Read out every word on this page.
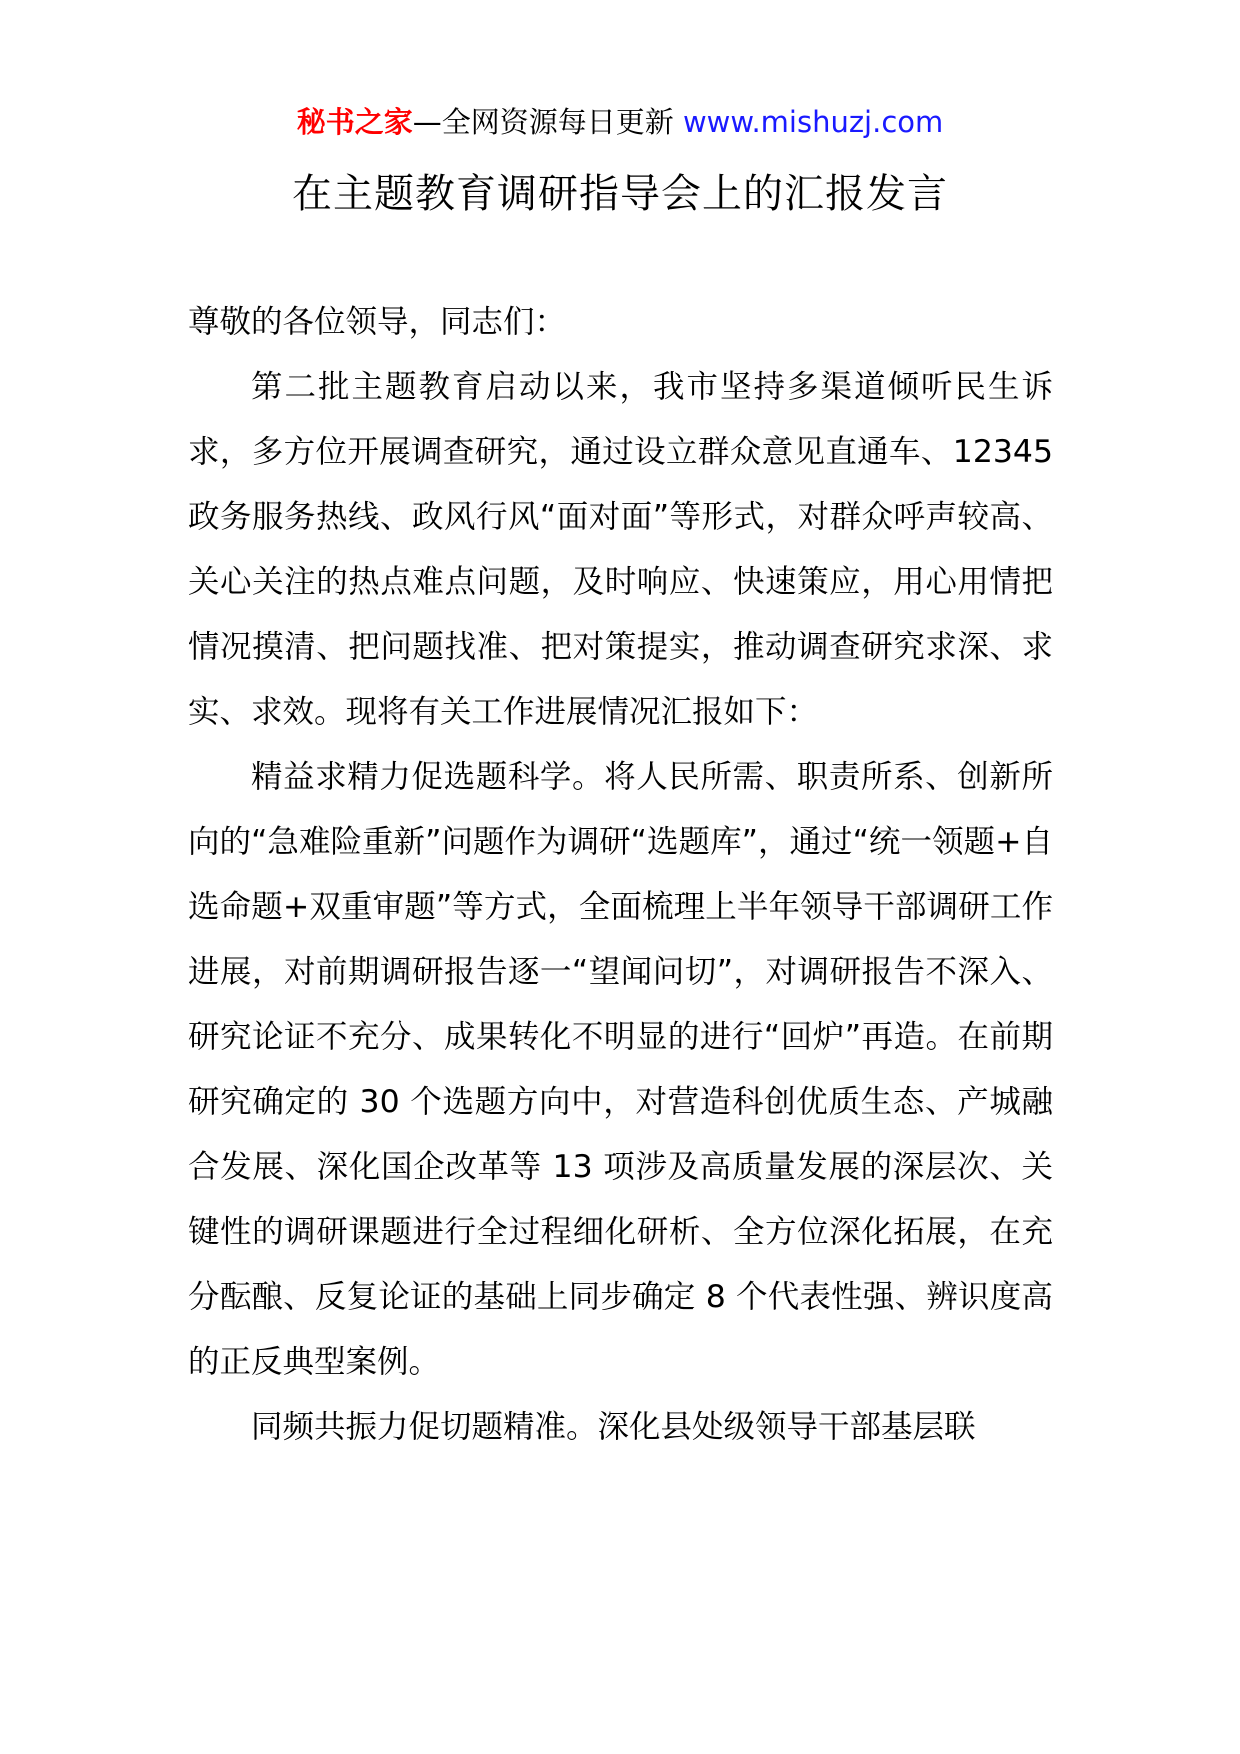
秘书之家—全网资源每日更新 www.mishuzj.com
在主题教育调研指导会上的汇报发言

尊敬的各位领导，同志们：

第二批主题教育启动以来，我市坚持多渠道倾听民生诉求，多方位开展调查研究，通过设立群众意见直通车、12345 政务服务热线、政风行风“面对面”等形式，对群众呼声较高、关心关注的热点难点问题，及时响应、快速策应，用心用情把情况摸清、把问题找准、把对策提实，推动调查研究求深、求实、求效。现将有关工作进展情况汇报如下：

精益求精力促选题科学。将人民所需、职责所系、创新所向的“急难险重新”问题作为调研“选题库”，通过“统一领题+自选命题+双重审题”等方式，全面梳理上半年领导干部调研工作进展，对前期调研报告逐一“望闻问切”，对调研报告不深入、研究论证不充分、成果转化不明显的进行“回炉”再造。在前期研究确定的 30 个选题方向中，对营造科创优质生态、产城融合发展、深化国企改革等 13 项涉及高质量发展的深层次、关键性的调研课题进行全过程细化研析、全方位深化拓展，在充分酝酿、反复论证的基础上同步确定 8 个代表性强、辨识度高的正反典型案例。

同频共振力促切题精准。深化县处级领导干部基层联
